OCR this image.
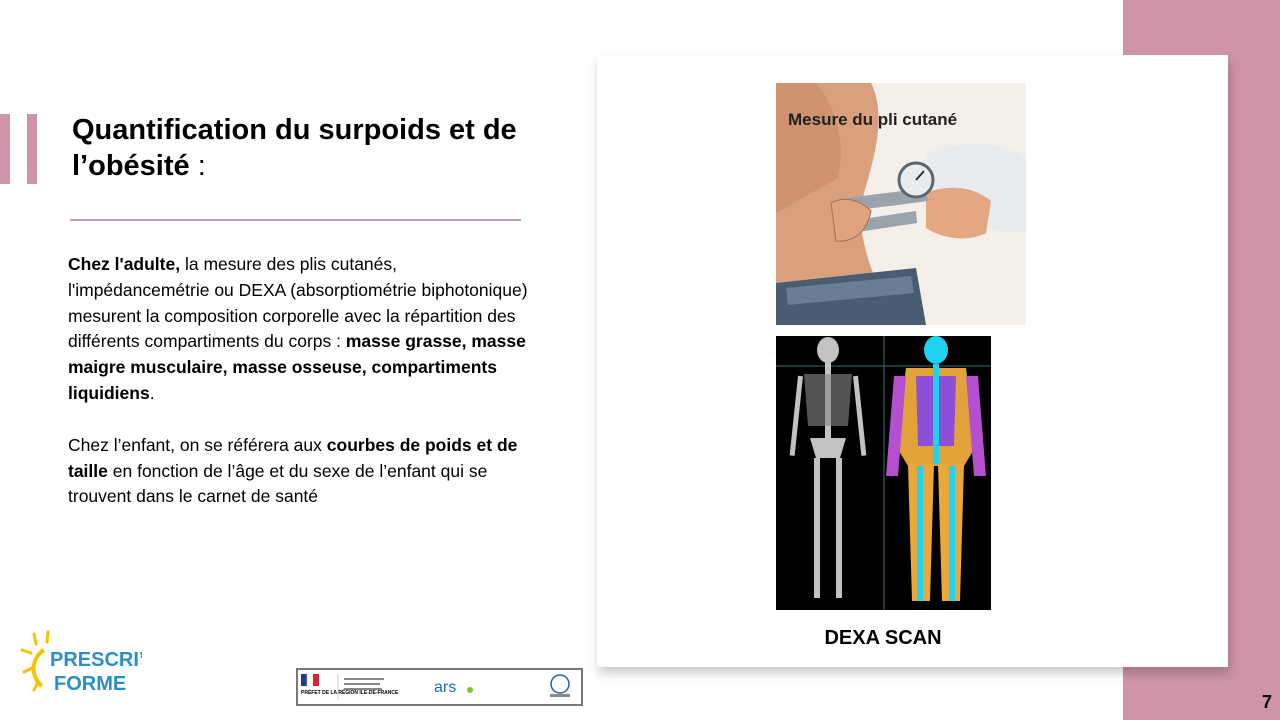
Quantification du surpoids et de l’obésité :

Chez l'adulte, la mesure des plis cutanés, l'impédancemétrie ou DEXA (absorptiométrie biphotonique) mesurent la composition corporelle avec la répartition des différents compartiments du corps : masse grasse, masse maigre musculaire, masse osseuse, compartiments liquidiens.

Chez l’enfant, on se référera aux courbes de poids et de taille en fonction de l’âge et du sexe de l’enfant qui se trouvent dans le carnet de santé

Mesure du pli cutané
DEXA SCAN
PRESCRI’
FORME	PRÉFET DE LA RÉGION ÎLE-DE-FRANCE ars
7
